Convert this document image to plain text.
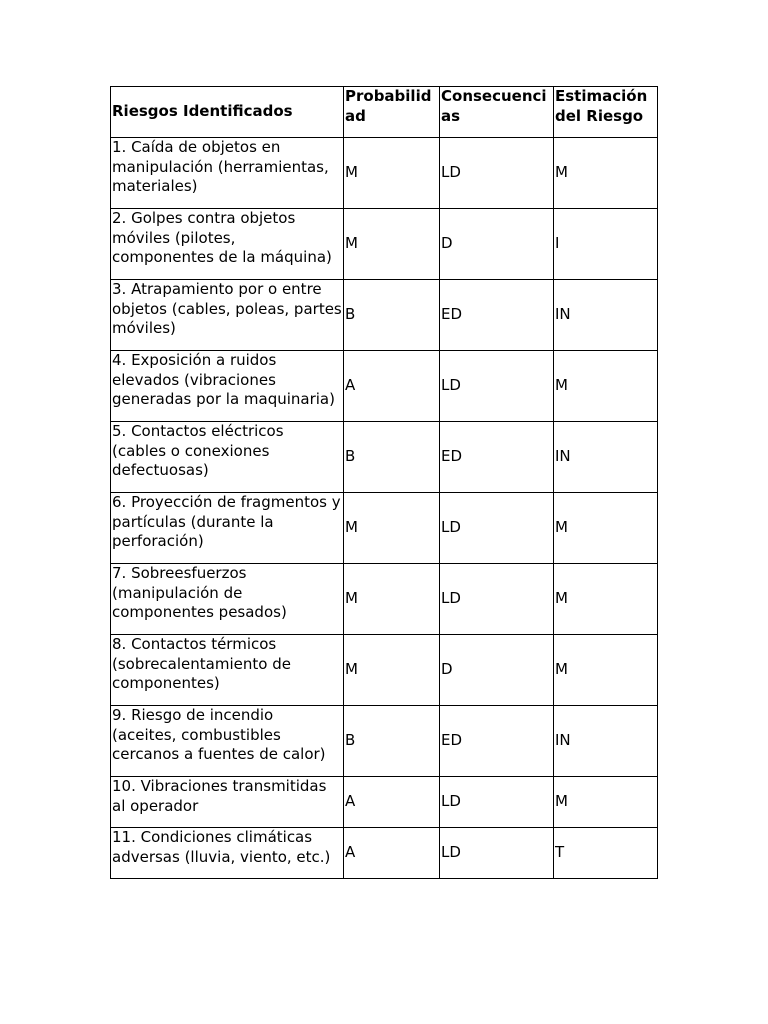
Riesgos Identificados	Probabilidad	Consecuencias	Estimación del Riesgo
1. Caída de objetos en manipulación (herramientas, materiales)	M	LD	M
2. Golpes contra objetos móviles (pilotes, componentes de la máquina)	M	D	I
3. Atrapamiento por o entre objetos (cables, poleas, partes móviles)	B	ED	IN
4. Exposición a ruidos elevados (vibraciones generadas por la maquinaria)	A	LD	M
5. Contactos eléctricos (cables o conexiones defectuosas)	B	ED	IN
6. Proyección de fragmentos y partículas (durante la perforación)	M	LD	M
7. Sobreesfuerzos (manipulación de componentes pesados)	M	LD	M
8. Contactos térmicos (sobrecalentamiento de componentes)	M	D	M
9. Riesgo de incendio (aceites, combustibles cercanos a fuentes de calor)	B	ED	IN
10. Vibraciones transmitidas al operador	A	LD	M
11. Condiciones climáticas adversas (lluvia, viento, etc.)	A	LD	T
